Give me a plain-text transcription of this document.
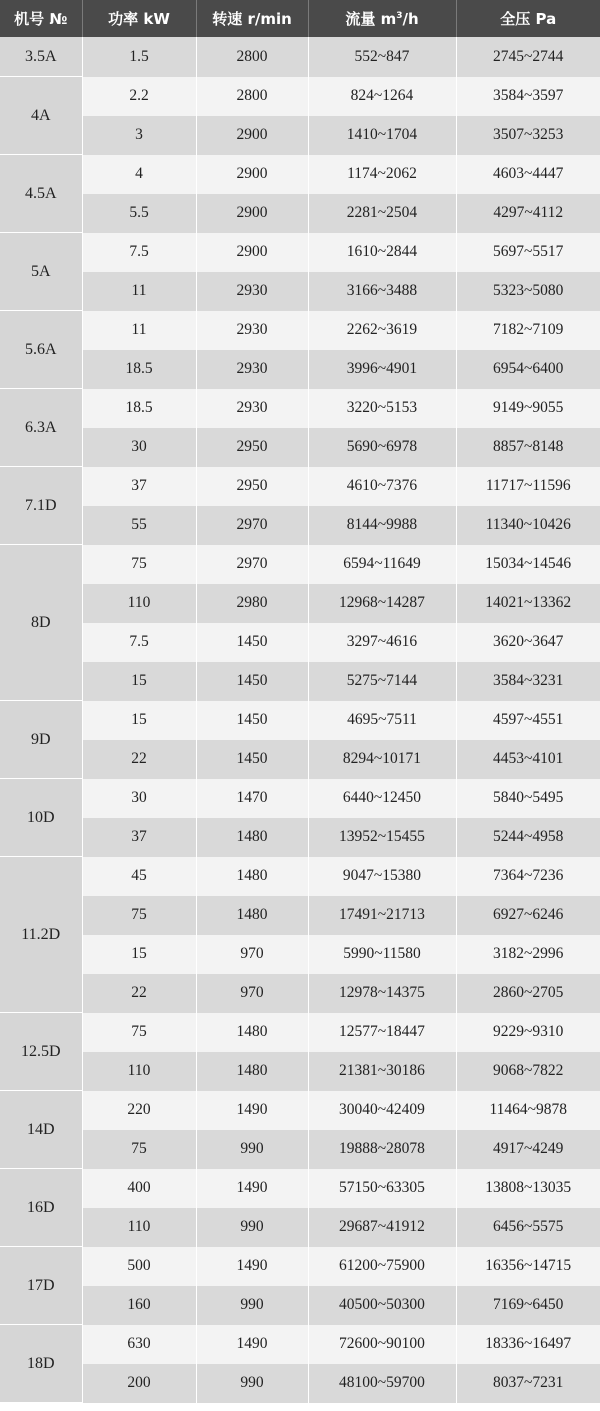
机号 №	功率 kW	转速 r/min	流量 $m^3/h$	全压 Pa
3.5A	1.5	2800	552~847	2745~2744
4A	2.2	2800	824~1264	3584~3597
	3	2900	1410~1704	3507~3253
4.5A	4	2900	1174~2062	4603~4447
	5.5	2900	2281~2504	4297~4112
5A	7.5	2900	1610~2844	5697~5517
	11	2930	3166~3488	5323~5080
5.6A	11	2930	2262~3619	7182~7109
	18.5	2930	3996~4901	6954~6400
6.3A	18.5	2930	3220~5153	9149~9055
	30	2950	5690~6978	8857~8148
7.1D	37	2950	4610~7376	11717~11596
	55	2970	8144~9988	11340~10426
8D	75	2970	6594~11649	15034~14546
	110	2980	12968~14287	14021~13362
	7.5	1450	3297~4616	3620~3647
	15	1450	5275~7144	3584~3231
9D	15	1450	4695~7511	4597~4551
	22	1450	8294~10171	4453~4101
10D	30	1470	6440~12450	5840~5495
	37	1480	13952~15455	5244~4958
11.2D	45	1480	9047~15380	7364~7236
	75	1480	17491~21713	6927~6246
	15	970	5990~11580	3182~2996
	22	970	12978~14375	2860~2705
12.5D	75	1480	12577~18447	9229~9310
	110	1480	21381~30186	9068~7822
14D	220	1490	30040~42409	11464~9878
	75	990	19888~28078	4917~4249
16D	400	1490	57150~63305	13808~13035
	110	990	29687~41912	6456~5575
17D	500	1490	61200~75900	16356~14715
	160	990	40500~50300	7169~6450
18D	630	1490	72600~90100	18336~16497
	200	990	48100~59700	8037~7231
